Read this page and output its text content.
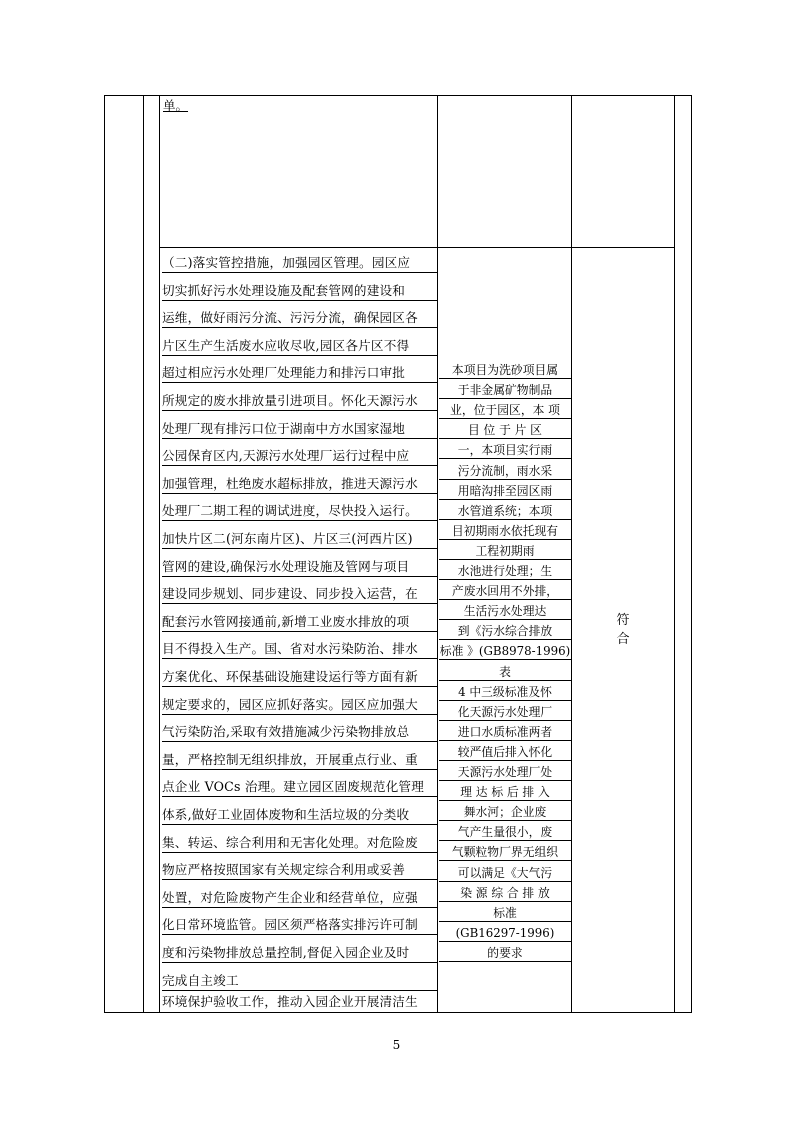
单。
（二)落实管控措施，加强园区管理。园区应
切实抓好污水处理设施及配套管网的建设和
运维，做好雨污分流、污污分流，确保园区各
片区生产生活废水应收尽收,园区各片区不得
超过相应污水处理厂处理能力和排污口审批
所规定的废水排放量引进项目。怀化天源污水
处理厂现有排污口位于湖南中方水国家湿地
公园保育区内,天源污水处理厂运行过程中应
加强管理，杜绝废水超标排放，推进天源污水
处理厂二期工程的调试进度，尽快投入运行。
加快片区二(河东南片区)、片区三(河西片区)
管网的建设,确保污水处理设施及管网与项目
建设同步规划、同步建设、同步投入运营，在
配套污水管网接通前,新增工业废水排放的项
目不得投入生产。国、省对水污染防治、排水
方案优化、环保基础设施建设运行等方面有新
规定要求的，园区应抓好落实。园区应加强大
气污染防治,采取有效措施减少污染物排放总
量，严格控制无组织排放，开展重点行业、重
点企业 VOCs 治理。建立园区固废规范化管理
体系,做好工业固体废物和生活垃圾的分类收
集、转运、综合利用和无害化处理。对危险废
物应严格按照国家有关规定综合利用或妥善
处置，对危险废物产生企业和经营单位，应强
化日常环境监管。园区须严格落实排污许可制
度和污染物排放总量控制,督促入园企业及时
完成自主竣工
环境保护验收工作，推动入园企业开展清洁生
本项目为洗砂项目属
于非金属矿物制品
业，位于园区，本 项
目 位 于 片 区
一，本项目实行雨
污分流制，雨水采
用暗沟排至园区雨
水管道系统；本项
目初期雨水依托现有
工程初期雨
水池进行处理；生
产废水回用不外排，
生活污水处理达
到《污水综合排放
标准 》(GB8978-1996)
表
4 中三级标准及怀
化天源污水处理厂
进口水质标准两者
较严值后排入怀化
天源污水处理厂处
理 达 标 后 排 入
舞水河；企业废
气产生量很小，废
气颗粒物厂界无组织
可以满足《大气污
染 源 综 合 排 放
标准
(GB16297-1996)
的要求
符
合
5
